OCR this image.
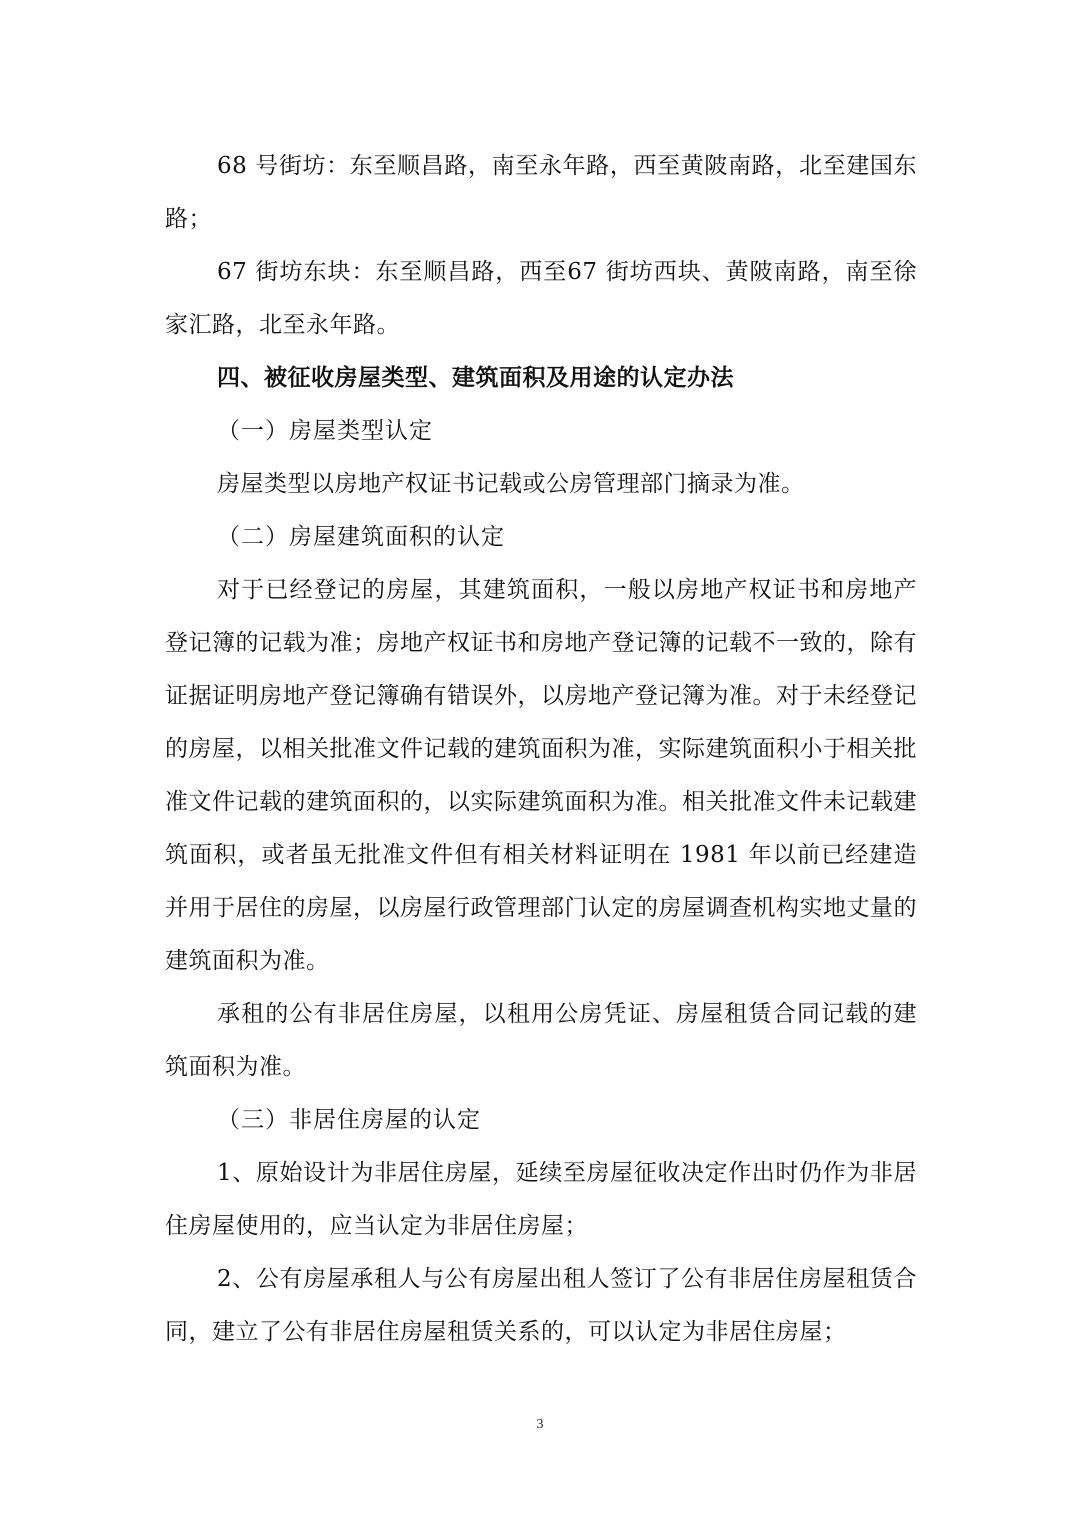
68 号街坊：东至顺昌路，南至永年路，西至黄陂南路，北至建国东路；

67 街坊东块：东至顺昌路，西至67 街坊西块、黄陂南路，南至徐家汇路，北至永年路。

四、被征收房屋类型、建筑面积及用途的认定办法

（一）房屋类型认定

房屋类型以房地产权证书记载或公房管理部门摘录为准。

（二）房屋建筑面积的认定

对于已经登记的房屋，其建筑面积，一般以房地产权证书和房地产登记簿的记载为准；房地产权证书和房地产登记簿的记载不一致的，除有证据证明房地产登记簿确有错误外，以房地产登记簿为准。对于未经登记的房屋，以相关批准文件记载的建筑面积为准，实际建筑面积小于相关批准文件记载的建筑面积的，以实际建筑面积为准。相关批准文件未记载建筑面积，或者虽无批准文件但有相关材料证明在 1981 年以前已经建造并用于居住的房屋，以房屋行政管理部门认定的房屋调查机构实地丈量的建筑面积为准。

承租的公有非居住房屋，以租用公房凭证、房屋租赁合同记载的建筑面积为准。

（三）非居住房屋的认定

1、原始设计为非居住房屋，延续至房屋征收决定作出时仍作为非居住房屋使用的，应当认定为非居住房屋；

2、公有房屋承租人与公有房屋出租人签订了公有非居住房屋租赁合同，建立了公有非居住房屋租赁关系的，可以认定为非居住房屋；

3
